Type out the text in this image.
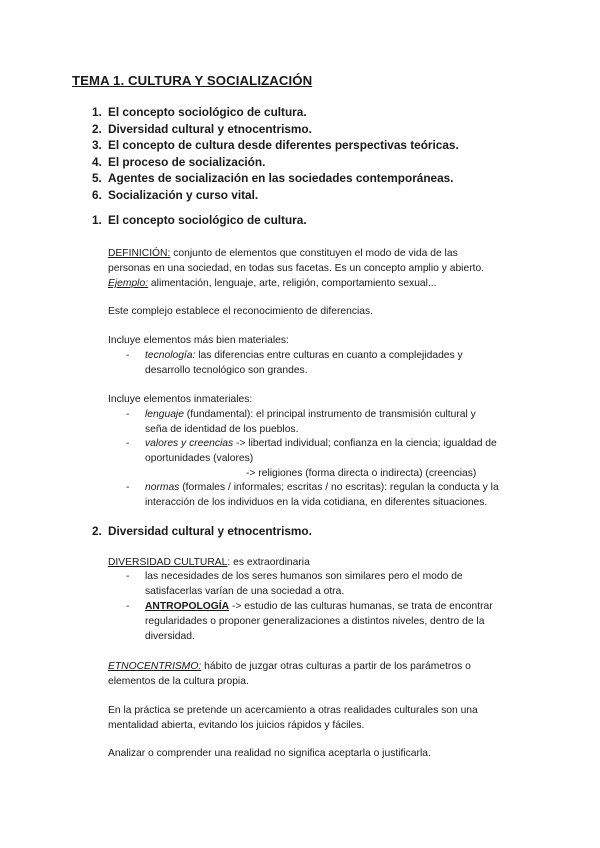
TEMA 1. CULTURA Y SOCIALIZACIÓN
1. El concepto sociológico de cultura.
2. Diversidad cultural y etnocentrismo.
3. El concepto de cultura desde diferentes perspectivas teóricas.
4. El proceso de socialización.
5. Agentes de socialización en las sociedades contemporáneas.
6. Socialización y curso vital.
1. El concepto sociológico de cultura.
DEFINICIÓN: conjunto de elementos que constituyen el modo de vida de las
personas en una sociedad, en todas sus facetas. Es un concepto amplio y abierto.
Ejemplo: alimentación, lenguaje, arte, religión, comportamiento sexual...
Este complejo establece el reconocimiento de diferencias.
Incluye elementos más bien materiales:
- tecnología: las diferencias entre culturas en cuanto a complejidades y
desarrollo tecnológico son grandes.
Incluye elementos inmateriales:
- lenguaje (fundamental): el principal instrumento de transmisión cultural y
seña de identidad de los pueblos.
- valores y creencias -> libertad individual; confianza en la ciencia; igualdad de
oportunidades (valores)
-> religiones (forma directa o indirecta) (creencias)
- normas (formales / informales; escritas / no escritas): regulan la conducta y la
interacción de los individuos en la vida cotidiana, en diferentes situaciones.
2. Diversidad cultural y etnocentrismo.
DIVERSIDAD CULTURAL: es extraordinaria
- las necesidades de los seres humanos son similares pero el modo de
satisfacerlas varían de una sociedad a otra.
- ANTROPOLOGÍA -> estudio de las culturas humanas, se trata de encontrar
regularidades o proponer generalizaciones a distintos niveles, dentro de la
diversidad.
ETNOCENTRISMO: hábito de juzgar otras culturas a partir de los parámetros o
elementos de la cultura propia.
En la práctica se pretende un acercamiento a otras realidades culturales son una
mentalidad abierta, evitando los juicios rápidos y fáciles.
Analizar o comprender una realidad no significa aceptarla o justificarla.
